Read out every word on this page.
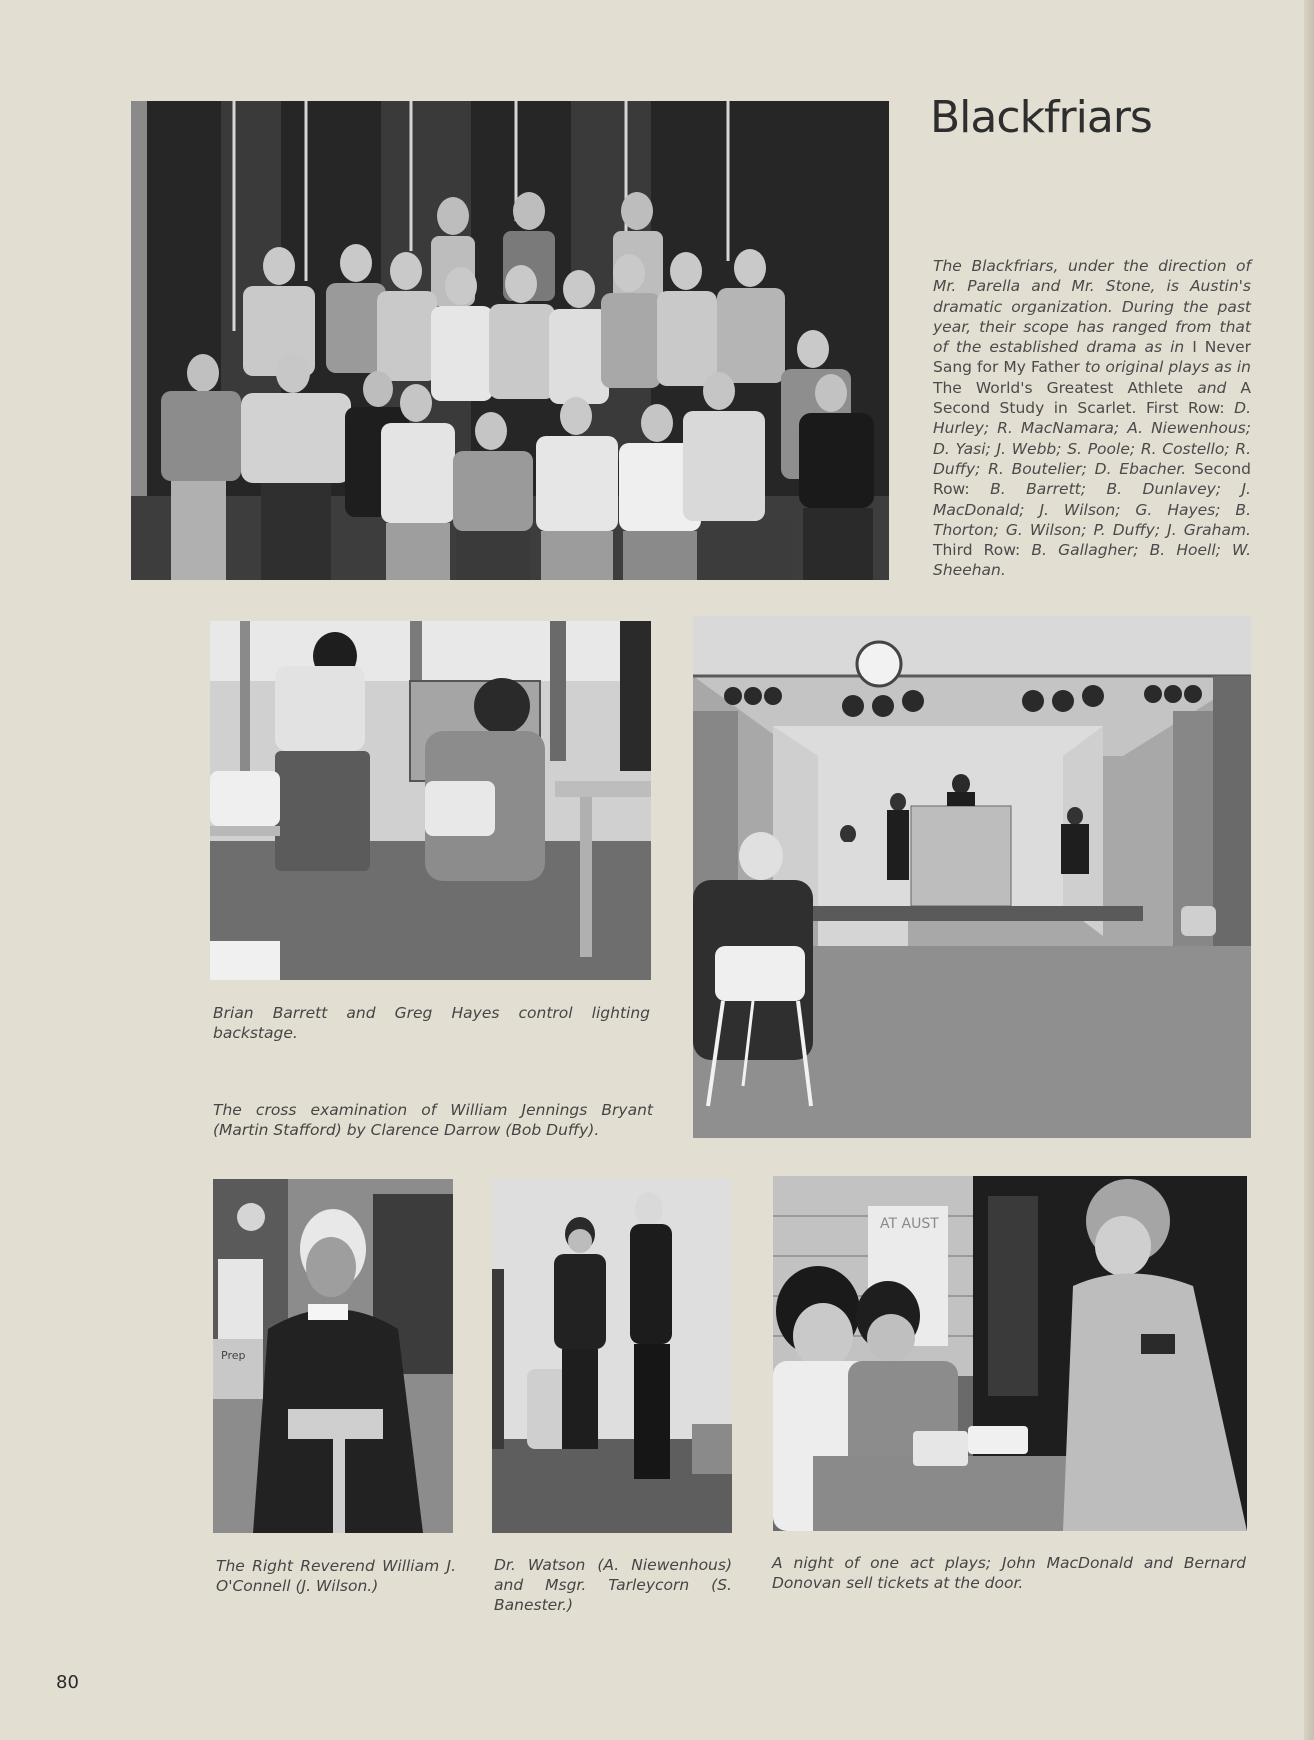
Blackfriars
The Blackfriars, under the direction of Mr. Parella and Mr. Stone, is Austin's dramatic organization. During the past year, their scope has ranged from that of the established drama as in I Never Sang for My Father to original plays as in The World's Greatest Athlete and A Second Study in Scarlet. First Row: D. Hurley; R. MacNamara; A. Niewenhous; D. Yasi; J. Webb; S. Poole; R. Costello; R. Duffy; R. Boutelier; D. Ebacher. Second Row: B. Barrett; B. Dunlavey; J. MacDonald; J. Wilson; G. Hayes; B. Thorton; G. Wilson; P. Duffy; J. Graham. Third Row: B. Gallagher; B. Hoell; W. Sheehan.
Brian Barrett and Greg Hayes control lighting backstage.
The cross examination of William Jennings Bryant (Martin Stafford) by Clarence Darrow (Bob Duffy).
Prep
AT AUST
The Right Reverend William J. O'Connell (J. Wilson.)
Dr. Watson (A. Niewenhous) and Msgr. Tarleycorn (S. Banester.)
A night of one act plays; John MacDonald and Bernard Donovan sell tickets at the door.
80
